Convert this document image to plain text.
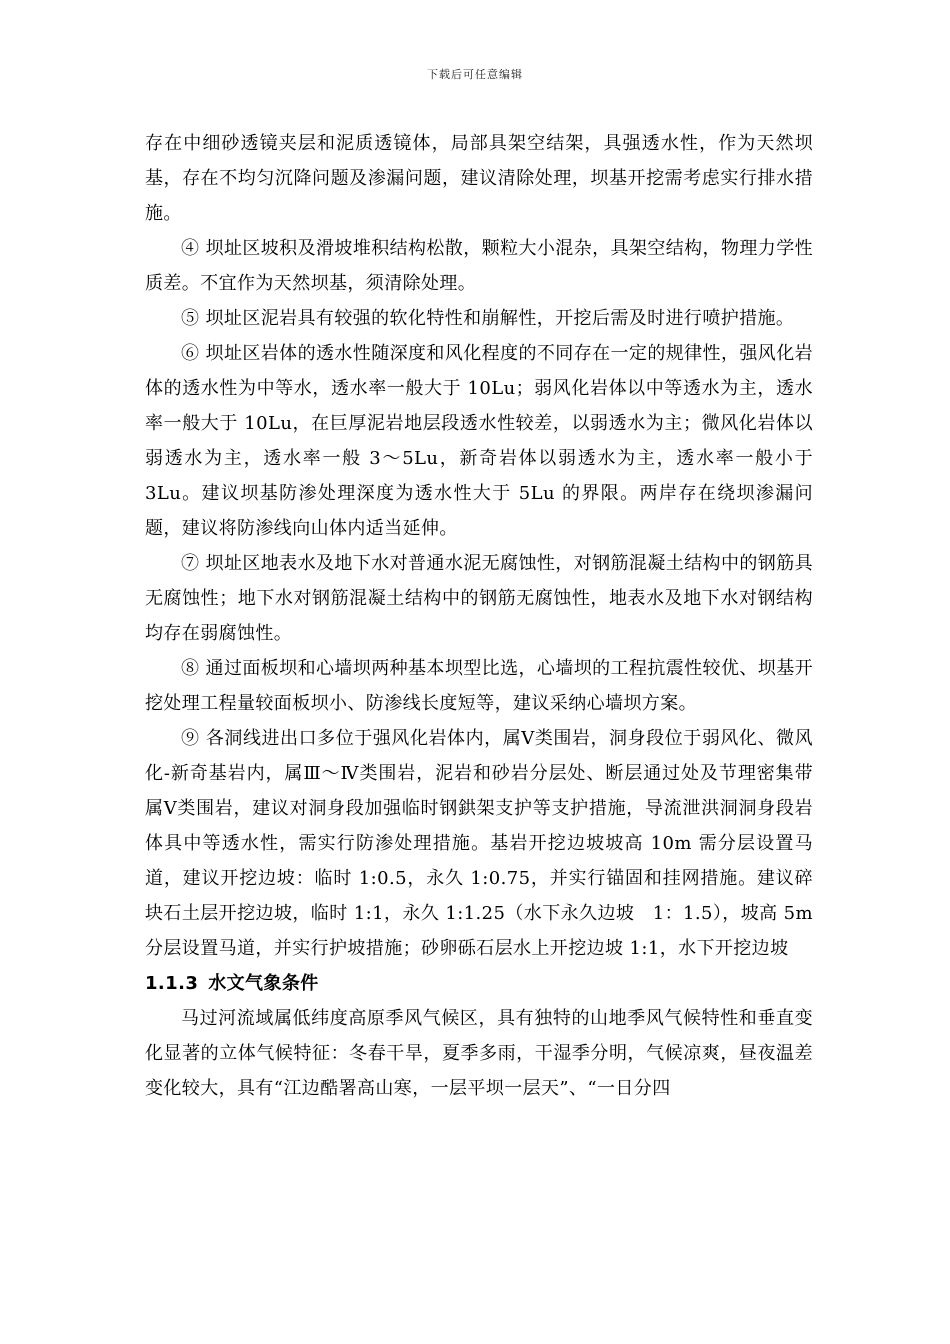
下载后可任意编辑

存在中细砂透镜夹层和泥质透镜体，局部具架空结架，具强透水性，作为天然坝基，存在不均匀沉降问题及渗漏问题，建议清除处理，坝基开挖需考虑实行排水措施。

④ 坝址区坡积及滑坡堆积结构松散，颗粒大小混杂，具架空结构，物理力学性质差。不宜作为天然坝基，须清除处理。

⑤ 坝址区泥岩具有较强的软化特性和崩解性，开挖后需及时进行喷护措施。

⑥ 坝址区岩体的透水性随深度和风化程度的不同存在一定的规律性，强风化岩体的透水性为中等水，透水率一般大于 10Lu；弱风化岩体以中等透水为主，透水率一般大于 10Lu，在巨厚泥岩地层段透水性较差，以弱透水为主；微风化岩体以弱透水为主，透水率一般 3～5Lu，新奇岩体以弱透水为主，透水率一般小于 3Lu。建议坝基防渗处理深度为透水性大于 5Lu 的界限。两岸存在绕坝渗漏问题，建议将防渗线向山体内适当延伸。

⑦ 坝址区地表水及地下水对普通水泥无腐蚀性，对钢筋混凝土结构中的钢筋具无腐蚀性；地下水对钢筋混凝土结构中的钢筋无腐蚀性，地表水及地下水对钢结构均存在弱腐蚀性。

⑧ 通过面板坝和心墙坝两种基本坝型比选，心墙坝的工程抗震性较优、坝基开挖处理工程量较面板坝小、防渗线长度短等，建议采纳心墙坝方案。

⑨ 各洞线进出口多位于强风化岩体内，属Ⅴ类围岩，洞身段位于弱风化、微风化-新奇基岩内，属Ⅲ～Ⅳ类围岩，泥岩和砂岩分层处、断层通过处及节理密集带属Ⅴ类围岩，建议对洞身段加强临时钢鉷架支护等支护措施，导流泄洪洞洞身段岩体具中等透水性，需实行防渗处理措施。基岩开挖边坡坡高 10m 需分层设置马道，建议开挖边坡：临时 1:0.5，永久 1:0.75，并实行锚固和挂网措施。建议碎块石土层开挖边坡，临时 1:1，永久 1:1.25（水下永久边坡　1：1.5），坡高 5m 分层设置马道，并实行护坡措施；砂卵砾石层水上开挖边坡 1:1，水下开挖边坡

1.1.3 水文气象条件

马过河流域属低纬度高原季风气候区，具有独特的山地季风气候特性和垂直变化显著的立体气候特征：冬春干旱，夏季多雨，干湿季分明，气候凉爽，昼夜温差变化较大，具有“江边酷署高山寒，一层平坝一层天”、“一日分四
